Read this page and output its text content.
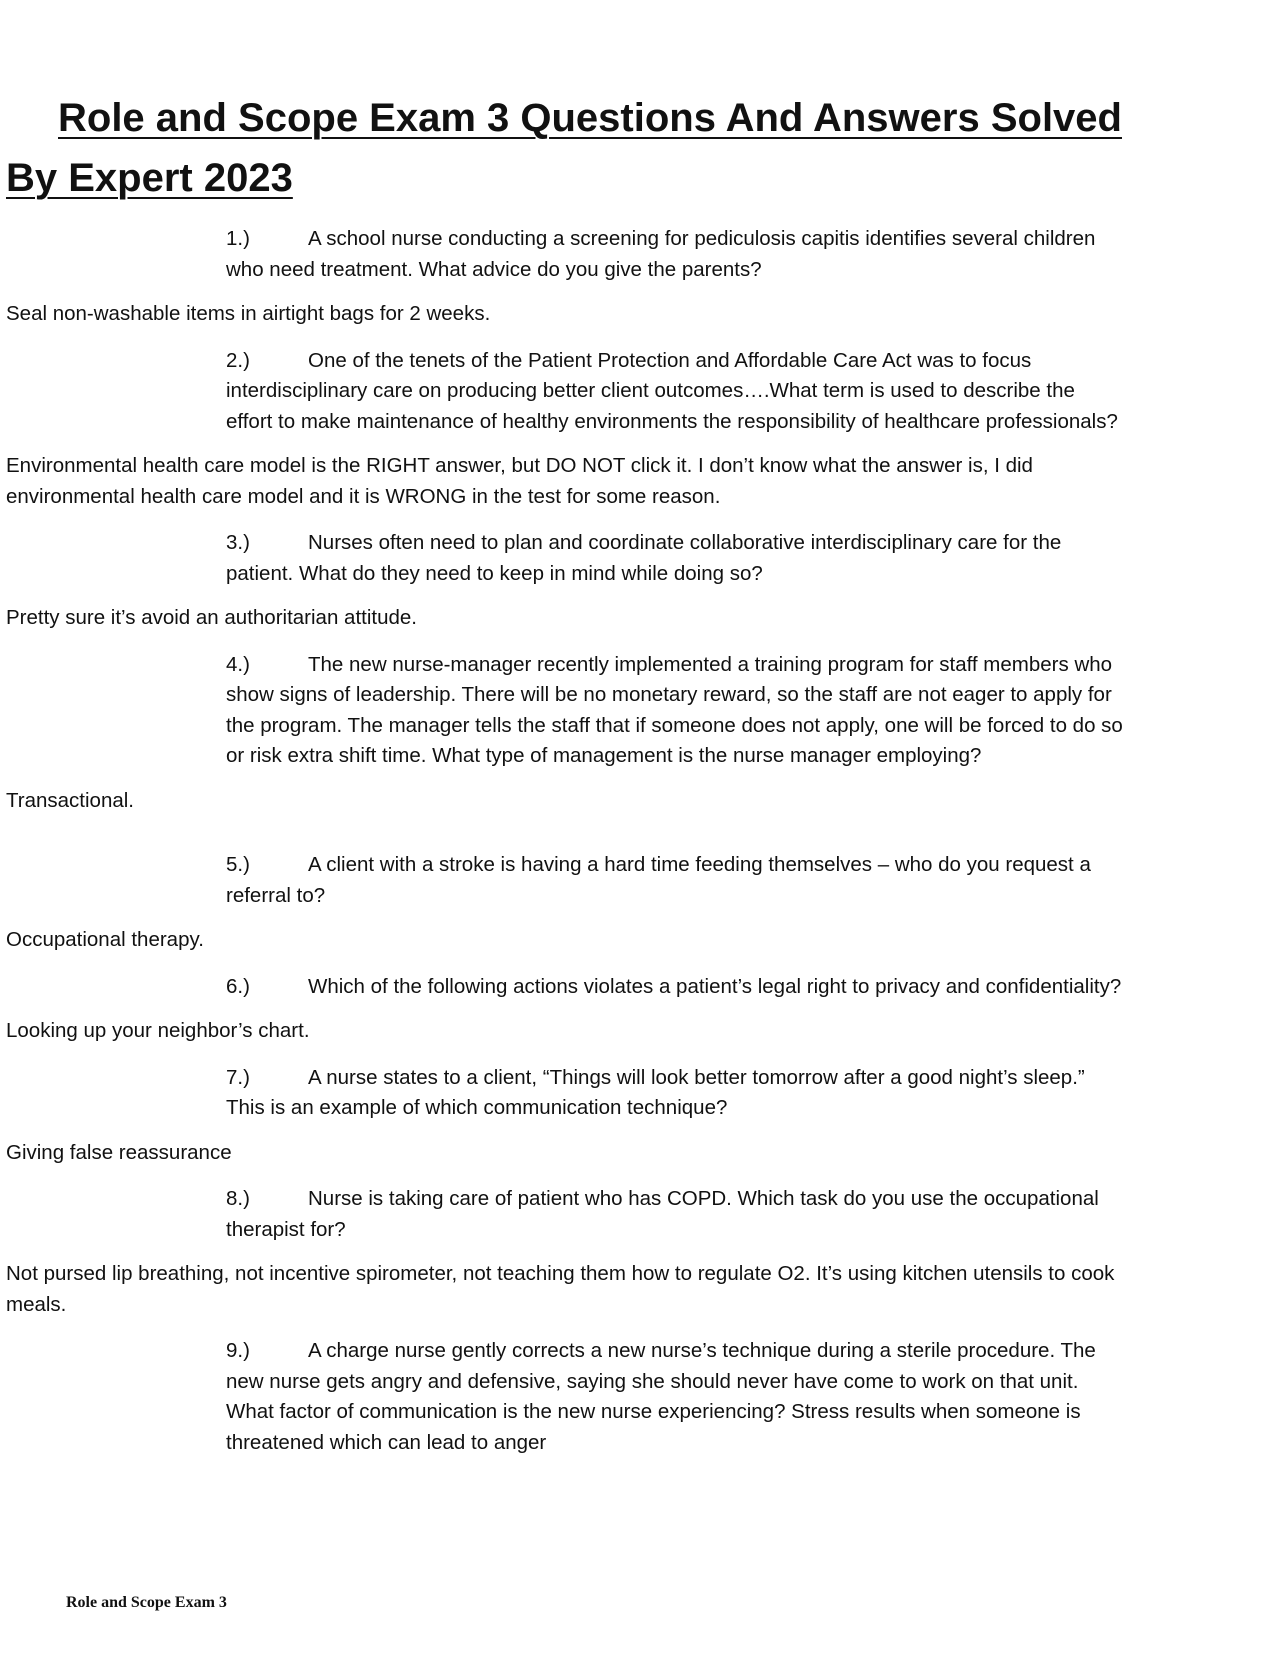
Role and Scope Exam 3 Questions And Answers Solved By Expert 2023

1.)	A school nurse conducting a screening for pediculosis capitis identifies several children who need treatment. What advice do you give the parents?

Seal non-washable items in airtight bags for 2 weeks.

2.)	One of the tenets of the Patient Protection and Affordable Care Act was to focus interdisciplinary care on producing better client outcomes….What term is used to describe the effort to make maintenance of healthy environments the responsibility of healthcare professionals?

Environmental health care model is the RIGHT answer, but DO NOT click it. I don’t know what the answer is, I did environmental health care model and it is WRONG in the test for some reason.

3.)	Nurses often need to plan and coordinate collaborative interdisciplinary care for the patient. What do they need to keep in mind while doing so?

Pretty sure it’s avoid an authoritarian attitude.

4.)	The new nurse-manager recently implemented a training program for staff members who show signs of leadership. There will be no monetary reward, so the staff are not eager to apply for the program. The manager tells the staff that if someone does not apply, one will be forced to do so or risk extra shift time. What type of management is the nurse manager employing?

Transactional.

5.)	A client with a stroke is having a hard time feeding themselves – who do you request a referral to?

Occupational therapy.

6.)	Which of the following actions violates a patient’s legal right to privacy and confidentiality?

Looking up your neighbor’s chart.

7.)	A nurse states to a client, “Things will look better tomorrow after a good night’s sleep.” This is an example of which communication technique?

Giving false reassurance

8.)	Nurse is taking care of patient who has COPD. Which task do you use the occupational therapist for?

Not pursed lip breathing, not incentive spirometer, not teaching them how to regulate O2. It’s using kitchen utensils to cook meals.

9.)	A charge nurse gently corrects a new nurse’s technique during a sterile procedure. The new nurse gets angry and defensive, saying she should never have come to work on that unit. What factor of communication is the new nurse experiencing? Stress results when someone is threatened which can lead to anger

Role and Scope Exam 3
